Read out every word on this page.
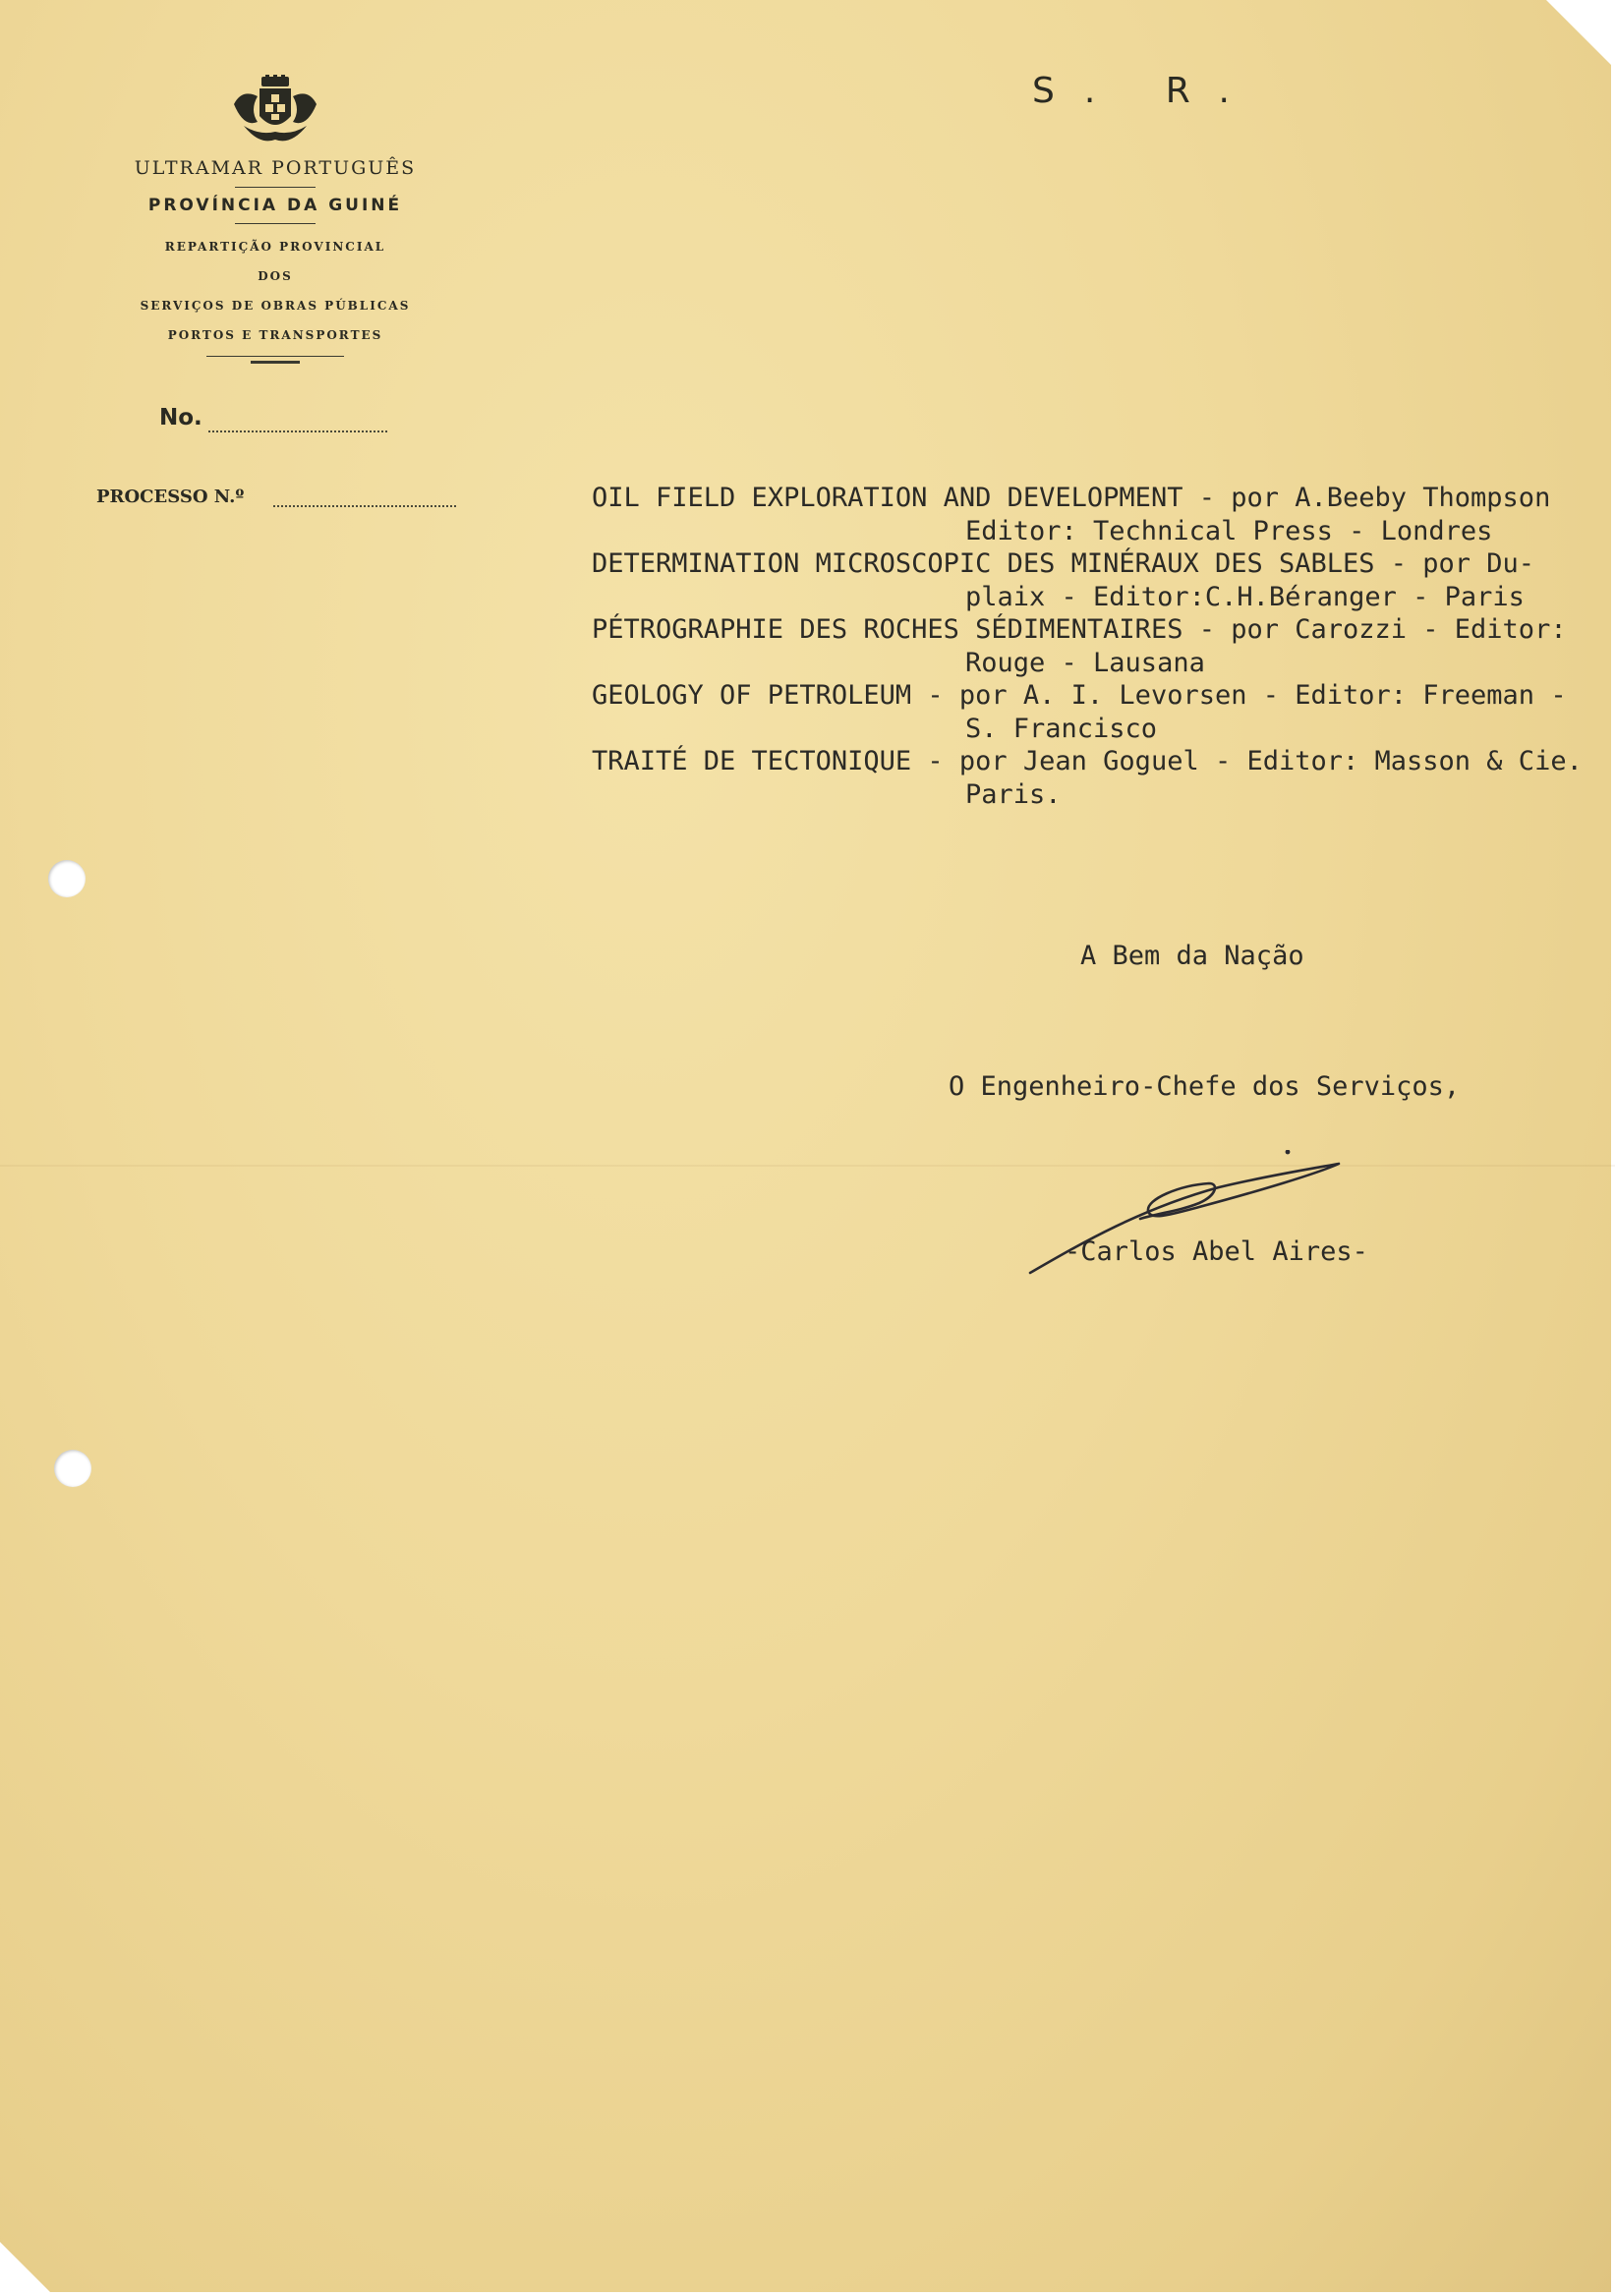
ULTRAMAR PORTUGUÊS
PROVÍNCIA DA GUINÉ
REPARTIÇÃO PROVINCIAL
DOS
SERVIÇOS DE OBRAS PÚBLICAS
PORTOS E TRANSPORTES
No.
PROCESSO N.º
S. R.
OIL FIELD EXPLORATION AND DEVELOPMENT - por A.Beeby Thompson
Editor: Technical Press - Londres
DETERMINATION MICROSCOPIC DES MINÉRAUX DES SABLES - por Du-
plaix - Editor:C.H.Béranger - Paris
PÉTROGRAPHIE DES ROCHES SÉDIMENTAIRES - por Carozzi - Editor:
Rouge - Lausana
GEOLOGY OF PETROLEUM - por A. I. Levorsen - Editor: Freeman -
S. Francisco
TRAITÉ DE TECTONIQUE - por Jean Goguel - Editor: Masson & Cie.
Paris.
A Bem da Nação
O Engenheiro-Chefe dos Serviços,
-Carlos Abel Aires-
